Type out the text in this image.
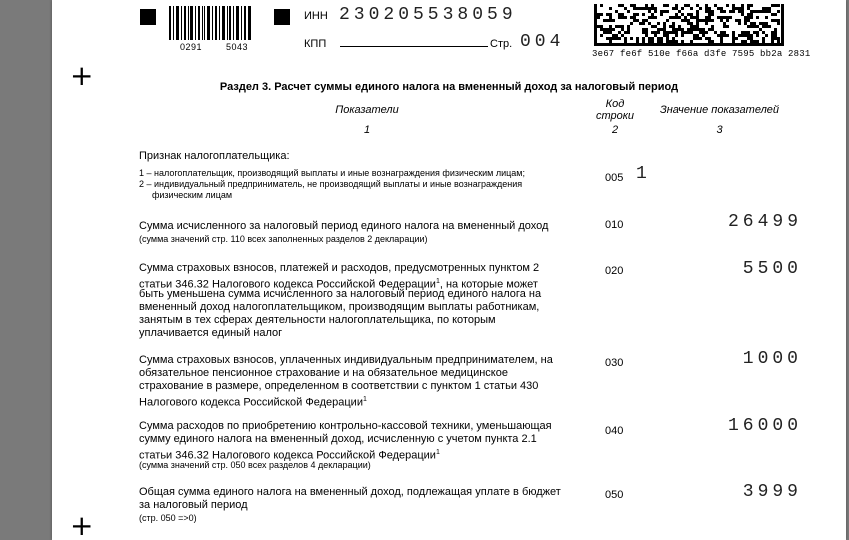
0291	5043
ИНН 230205538059
КПП	Стр. 004
3e67 fe6f 510e f66a d3fe 7595 bb2a 2831
+
+
Раздел 3. Расчет суммы единого налога на вмененный доход за налоговый период
Показатели	Код
строки	Значение показателей
1	2	3
Признак налогоплательщика:
1 – налогоплательщик, производящий выплаты и иные вознаграждения физическим лицам;
2 – индивидуальный предприниматель, не производящий выплаты и иные вознаграждения
физическим лицам
005 1
Сумма исчисленного за налоговый период единого налога на вмененный доход
(сумма значений стр. 110 всех заполненных разделов 2 декларации)
010	26499
Сумма страховых взносов, платежей и расходов, предусмотренных пунктом 2
статьи 346.32 Налогового кодекса Российской Федерации$^1$, на которые может
быть уменьшена сумма исчисленного за налоговый период единого налога на
вмененный доход налогоплательщиком, производящим выплаты работникам,
занятым в тех сферах деятельности налогоплательщика, по которым
уплачивается единый налог
020	5500
Сумма страховых взносов, уплаченных индивидуальным предпринимателем, на
обязательное пенсионное страхование и на обязательное медицинское
страхование в размере, определенном в соответствии с пунктом 1 статьи 430
Налогового кодекса Российской Федерации$^1$
030	1000
Сумма расходов по приобретению контрольно-кассовой техники, уменьшающая
сумму единого налога на вмененный доход, исчисленную с учетом пункта 2.1
статьи 346.32 Налогового кодекса Российской Федерации$^1$
(сумма значений стр. 050 всех разделов 4 декларации)
040	16000
Общая сумма единого налога на вмененный доход, подлежащая уплате в бюджет
за налоговый период
(стр. 050 =>0)
050	3999
